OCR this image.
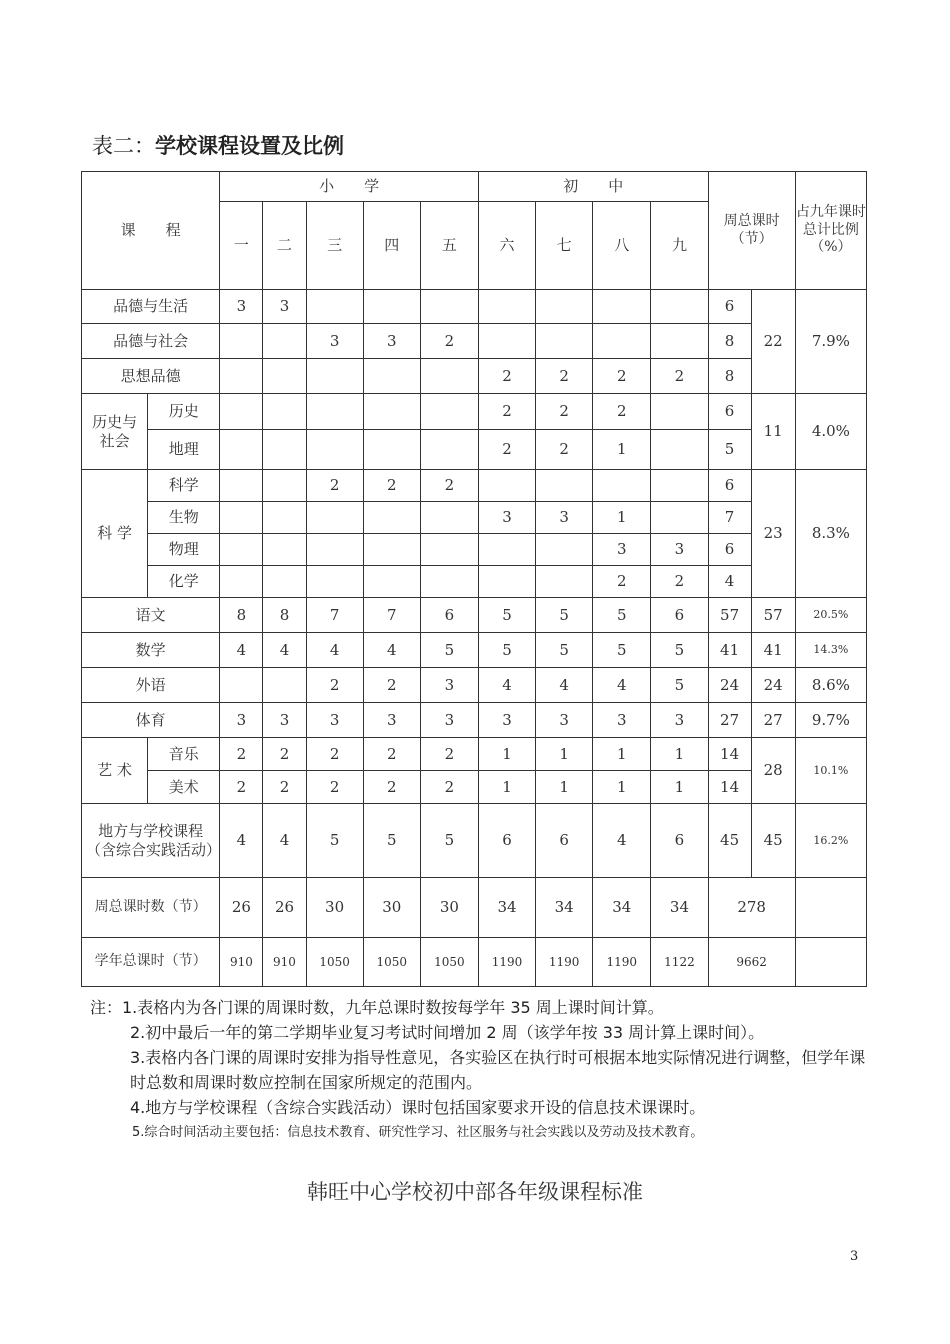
表二：学校课程设置及比例
课　　程		小　　学					初　　中				周总课时（节）		占九年课时总计比例（%）
		一	二	三	四	五	六	七	八	九			
品德与生活		3	3								6	22	7.9%
品德与社会				3	3	2					8		
思想品德							2	2	2	2	8		
历史与社会	历史						2	2	2		6	11	4.0%
	地理						2	2	1		5		
科 学	科学			2	2	2					6	23	8.3%
	生物						3	3	1		7		
	物理								3	3	6		
	化学								2	2	4		
语文		8	8	7	7	6	5	5	5	6	57	57	20.5%
数学		4	4	4	4	5	5	5	5	5	41	41	14.3%
外语				2	2	3	4	4	4	5	24	24	8.6%
体育		3	3	3	3	3	3	3	3	3	27	27	9.7%
艺 术	音乐	2	2	2	2	2	1	1	1	1	14	28	10.1%
	美术	2	2	2	2	2	1	1	1	1	14		
地方与学校课程（含综合实践活动）		4	4	5	5	5	6	6	4	6	45	45	16.2%
周总课时数（节）		26	26	30	30	30	34	34	34	34	278		
学年总课时（节）		910	910	1050	1050	1050	1190	1190	1190	1122	9662		

注：1.表格内为各门课的周课时数，九年总课时数按每学年 35 周上课时间计算。

2.初中最后一年的第二学期毕业复习考试时间增加 2 周（该学年按 33 周计算上课时间）。

3.表格内各门课的周课时安排为指导性意见，各实验区在执行时可根据本地实际情况进行调整，但学年课时总数和周课时数应控制在国家所规定的范围内。

4.地方与学校课程（含综合实践活动）课时包括国家要求开设的信息技术课课时。

5.综合时间活动主要包括：信息技术教育、研究性学习、社区服务与社会实践以及劳动及技术教育。

韩旺中心学校初中部各年级课程标准
3
